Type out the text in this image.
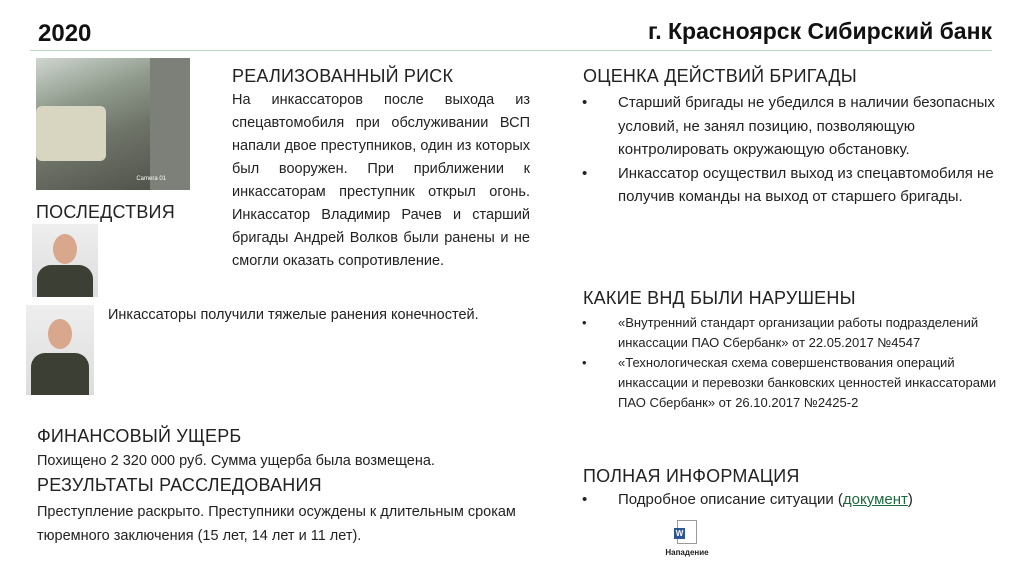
2020	г. Красноярск Сибирский банк
Camera 01
РЕАЛИЗОВАННЫЙ РИСК
На инкассаторов после выхода из спецавтомобиля при обслуживании ВСП напали двое преступников, один из которых был вооружен. При приближении к инкассаторам преступник открыл огонь. Инкассатор Владимир Рачев и старший бригады Андрей Волков были ранены и не смогли оказать сопротивление.
ПОСЛЕДСТВИЯ
Инкассаторы получили тяжелые ранения конечностей.
ФИНАНСОВЫЙ УЩЕРБ
Похищено 2 320 000 руб. Сумма ущерба была возмещена.
РЕЗУЛЬТАТЫ РАССЛЕДОВАНИЯ
Преступление раскрыто. Преступники осуждены к длительным срокам тюремного заключения (15 лет, 14 лет и 11 лет).
ОЦЕНКА ДЕЙСТВИЙ БРИГАДЫ
• Старший бригады не убедился в наличии безопасных условий, не занял позицию, позволяющую контролировать окружающую обстановку.
• Инкассатор осуществил выход из спецавтомобиля не получив команды на выход от старшего бригады.
КАКИЕ ВНД БЫЛИ НАРУШЕНЫ
• «Внутренний стандарт организации работы подразделений инкассации ПАО Сбербанк» от 22.05.2017 №4547
• «Технологическая схема совершенствования операций инкассации и перевозки банковских ценностей инкассаторами ПАО Сбербанк» от 26.10.2017 №2425-2
ПОЛНАЯ ИНФОРМАЦИЯ
• Подробное описание ситуации (документ)
W
Нападение
